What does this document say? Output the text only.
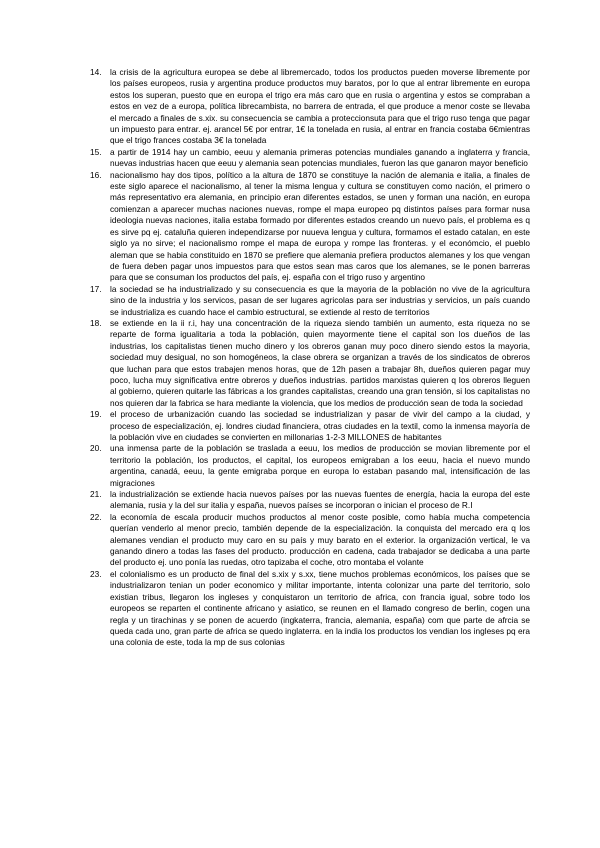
14.	la crisis de la agricultura europea se debe al libremercado, todos los productos pueden moverse libremente por los países europeos, rusia y argentina produce productos muy baratos, por lo que al entrar libremente en europa estos los superan, puesto que en europa el trigo era más caro que en rusia o argentina y estos se compraban a estos en vez de a europa, política librecambista, no barrera de entrada, el que produce a menor coste se llevaba el mercado a finales de s.xix. su consecuencia se cambia a proteccionsuta para que el trigo ruso tenga que pagar un impuesto para entrar. ej. arancel 5€ por entrar, 1€ la tonelada en rusia, al entrar en francia costaba 6€mientras que el trigo frances costaba 3€ la tonelada
15.	a partir de 1914 hay un cambio, eeuu y alemania primeras potencias mundiales ganando a inglaterra y francia, nuevas industrias hacen que eeuu y alemania sean potencias mundiales, fueron las que ganaron mayor beneficio
16.	nacionalismo hay dos tipos, político a la altura de 1870 se constituye la nación de alemania e italia, a finales de este siglo aparece el nacionalismo, al tener la misma lengua y cultura se constituyen como nación, el primero o más representativo era alemania, en principio eran diferentes estados, se unen y forman una nación, en europa comienzan a aparecer muchas naciones nuevas, rompe el mapa europeo pq distintos países para formar nusa ideologia nuevas naciones, italia estaba formado por diferentes estados creando un nuevo país, el problema es q es sirve pq ej. cataluña quieren independizarse por nuueva lengua y cultura, formamos el estado catalan, en este siglo ya no sirve; el nacionalismo rompe el mapa de europa y rompe las fronteras. y el económcio, el pueblo aleman que se habia constituido en 1870 se prefiere que alemania prefiera productos alemanes y los que vengan de fuera deben pagar unos impuestos para que estos sean mas caros que los alemanes, se le ponen barreras para que se consuman los productos del país, ej. españa con el trigo ruso y argentino
17.	la sociedad se ha industrializado y su consecuencia es que la mayoria de la población no vive de la agricultura sino de la industria y los servicos, pasan de ser lugares agricolas para ser industrias y servicios, un país cuando se industrializa es cuando hace el cambio estructural, se extiende al resto de territorios
18.	se extiende en la ii r.i, hay una concentración de la riqueza siendo también un aumento, esta riqueza no se reparte de forma igualitaria a toda la población, quien mayormente tiene el capital son los dueños de las industrias, los capitalistas tienen mucho dinero y los obreros ganan muy poco dinero siendo estos la mayoria, sociedad muy desigual, no son homogéneos, la clase obrera se organizan a través de los sindicatos de obreros que luchan para que estos trabajen menos horas, que de 12h pasen a trabajar 8h, dueños quieren pagar muy poco, lucha muy significativa entre obreros y dueños industrias. partidos marxistas quieren q los obreros lleguen al gobierno, quieren quitarle las fábricas a los grandes capitalistas, creando una gran tensión, si los capitalistas no nos quieren dar la fabrica se hara mediante la violencia, que los medios de producción sean de toda la sociedad
19.	el proceso de urbanización cuando las sociedad se industrializan y pasar de vivir del campo a la ciudad, y proceso de especialización, ej. londres ciudad financiera, otras ciudades en la textil, como la inmensa mayoría de la población vive en ciudades se convierten en millonarias 1-2-3 MILLONES de habitantes
20.	una inmensa parte de la población se traslada a eeuu, los medios de producción se movian libremente por el territorio la población, los productos, el capital, los europeos emigraban a los eeuu, hacia el nuevo mundo argentina, canadá, eeuu, la gente emigraba porque en europa lo estaban pasando mal, intensificación de las migraciones
21.	la industrialización se extiende hacia nuevos países por las nuevas fuentes de energía, hacia la europa del este alemania, rusia y la del sur italia y españa, nuevos países se incorporan o inician el proceso de R.I
22.	la economía de escala producir muchos productos al menor coste posible, como había mucha competencia querían venderlo al menor precio, también depende de la especialización. la conquista del mercado era q los alemanes vendian el producto muy caro en su país y muy barato en el exterior. la organización vertical, le va ganando dinero a todas las fases del producto. producción en cadena, cada trabajador se dedicaba a una parte del producto ej. uno ponía las ruedas, otro tapizaba el coche, otro montaba el volante
23.	el colonialismo es un producto de final del s.xix y s.xx, tiene muchos problemas económicos, los países que se industrializaron tenian un poder economico y militar importante, intenta colonizar una parte del territorio, solo existian tribus, llegaron los ingleses y conquistaron un territorio de africa, con francia igual, sobre todo los europeos se reparten el continente africano y asiatico, se reunen en el llamado congreso de berlin, cogen una regla y un tirachinas y se ponen de acuerdo (ingkaterra, francia, alemania, españa) com que parte de afrcia se queda cada uno, gran parte de africa se quedo inglaterra. en la india los productos los vendian los ingleses pq era una colonia de este, toda la mp de sus colonias
